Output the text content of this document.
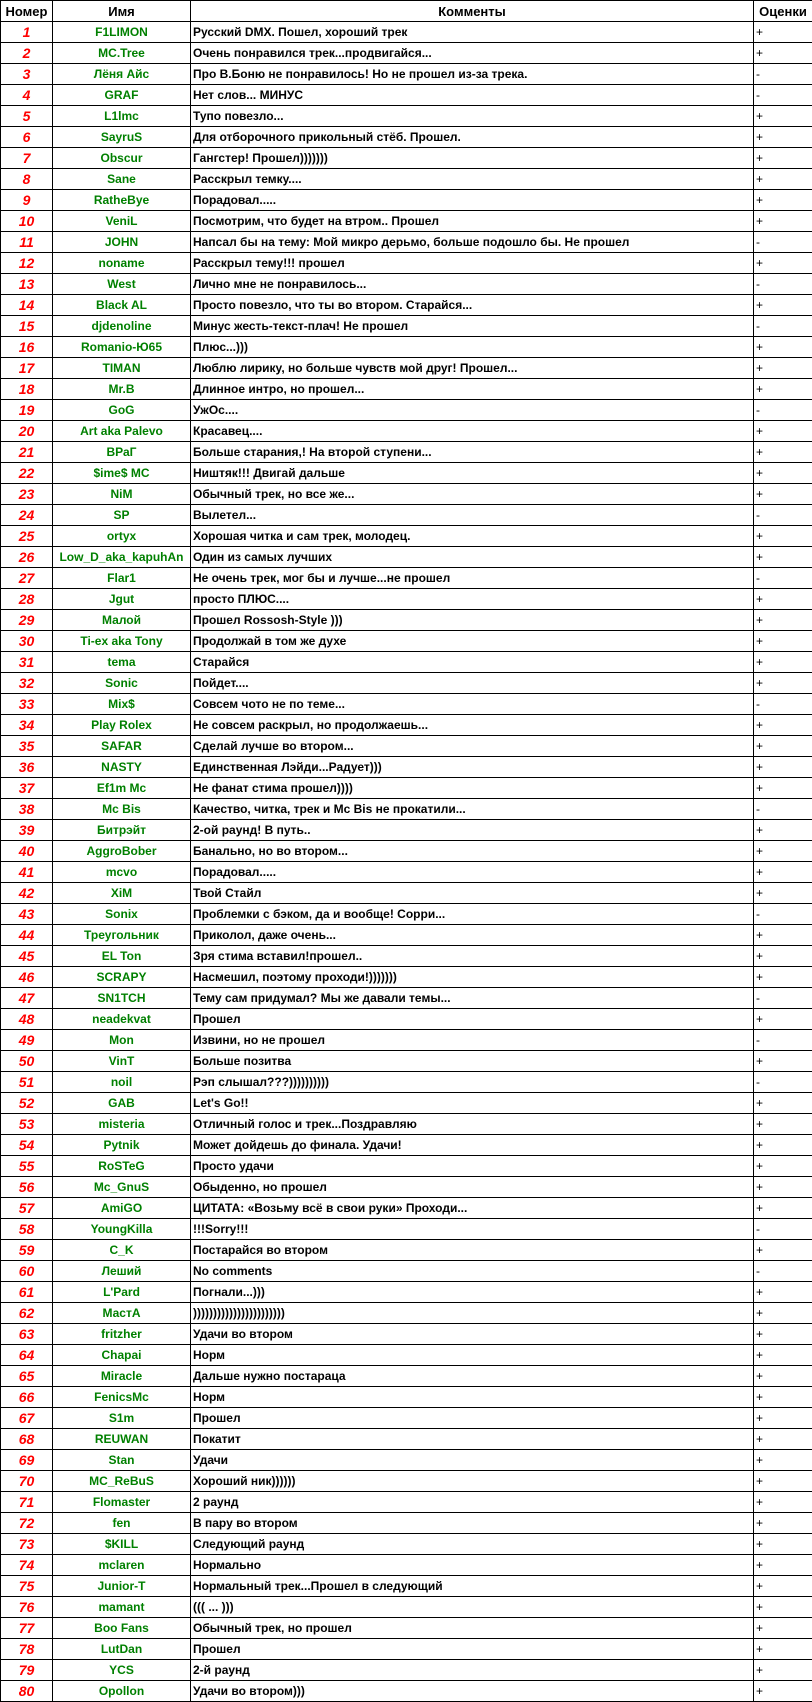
Номер	Имя	Комменты	Оценки
1	F1LIMON	Русский DMX. Пошел, хороший трек	+
2	MC.Tree	Очень понравился трек...продвигайся...	+
3	Лёня Айс	Про В.Боню не понравилось! Но не прошел из-за трека.	-
4	GRAF	Нет слов... МИНУС	-
5	L1lmc	Тупо повезло...	+
6	SayruS	Для отборочного прикольный стёб. Прошел.	+
7	Obscur	Гангстер! Прошел)))))))	+
8	Sane	Расскрыл темку....	+
9	RatheBye	Порадовал.....	+
10	VeniL	Посмотрим, что будет на втром.. Прошел	+
11	JOHN	Напсал бы на тему: Мой микро дерьмо, больше подошло бы. Не прошел	-
12	noname	Расскрыл тему!!! прошел	+
13	West	Лично мне не понравилось...	-
14	Black AL	Просто повезло, что ты во втором. Старайся...	+
15	djdenoline	Минус жесть-текст-плач! Не прошел	-
16	Romanio-Ю65	Плюс...)))	+
17	TIMAN	Люблю лирику, но больше чувств мой друг! Прошел...	+
18	Mr.B	Длинное интро, но прошел...	+
19	GoG	УжОс....	-
20	Art aka Palevo	Красавец....	+
21	ВРаГ	Больше старания,! На второй ступени...	+
22	$ime$ MC	Ништяк!!! Двигай дальше	+
23	NiM	Обычный трек, но все же...	+
24	SP	Вылетел...	-
25	ortyx	Хорошая читка и сам трек, молодец.	+
26	Low_D_aka_kapuhAn	Один из самых лучших	+
27	Flar1	Не очень трек, мог бы и лучше...не прошел	-
28	Jgut	просто ПЛЮС....	+
29	Малой	Прошел Rossosh-Style )))	+
30	Ti-ex aka Tony	Продолжай в том же духе	+
31	tema	Старайся	+
32	Sonic	Пойдет....	+
33	Mix$	Совсем чото не по теме...	-
34	Play Rolex	Не совсем раскрыл, но продолжаешь...	+
35	SAFAR	Сделай лучше во втором...	+
36	NASTY	Единственная Лэйди...Радует)))	+
37	Ef1m Mc	Не фанат стима прошел))))	+
38	Mc Bis	Качество, читка, трек и Mc Bis не прокатили...	-
39	Битрэйт	2-ой раунд! В путь..	+
40	AggroBober	Банально, но во втором...	+
41	mcvo	Порадовал.....	+
42	XiM	Твой Стайл	+
43	Sonix	Проблемки с бэком, да и вообще! Сорри...	-
44	Треугольник	Приколол, даже очень...	+
45	EL Ton	Зря стима вставил!прошел..	+
46	SCRAPY	Насмешил, поэтому проходи!)))))))	+
47	SN1TCH	Тему сам придумал? Мы же давали темы...	-
48	neadekvat	Прошел	+
49	Mon	Извини, но не прошел	-
50	VinT	Больше позитва	+
51	noil	Рэп слышал???))))))))))	-
52	GAB	Let's Go!!	+
53	misteria	Отличный голос и трек...Поздравляю	+
54	Pytnik	Может дойдешь до финала. Удачи!	+
55	RoSTeG	Просто удачи	+
56	Mc_GnuS	Обыденно, но прошел	+
57	AmiGO	ЦИТАТА: «Возьму всё в свои руки» Проходи...	+
58	YoungKilla	!!!Sorry!!!	-
59	C_K	Постарайся во втором	+
60	Леший	No comments	-
61	L'Pard	Погнали...)))	+
62	МастА	)))))))))))))))))))))))	+
63	fritzher	Удачи во втором	+
64	Chapai	Норм	+
65	Miracle	Дальше нужно постараца	+
66	FenicsMc	Норм	+
67	S1m	Прошел	+
68	REUWAN	Покатит	+
69	Stan	Удачи	+
70	MC_ReBuS	Хороший ник))))))	+
71	Flomaster	2 раунд	+
72	fen	В пару во втором	+
73	$KILL	Следующий раунд	+
74	mclaren	Нормально	+
75	Junior-T	Нормальный трек...Прошел в следующий	+
76	mamant	((( ... )))	+
77	Boo Fans	Обычный трек, но прошел	+
78	LutDan	Прошел	+
79	YCS	2-й раунд	+
80	Opollon	Удачи во втором)))	+
